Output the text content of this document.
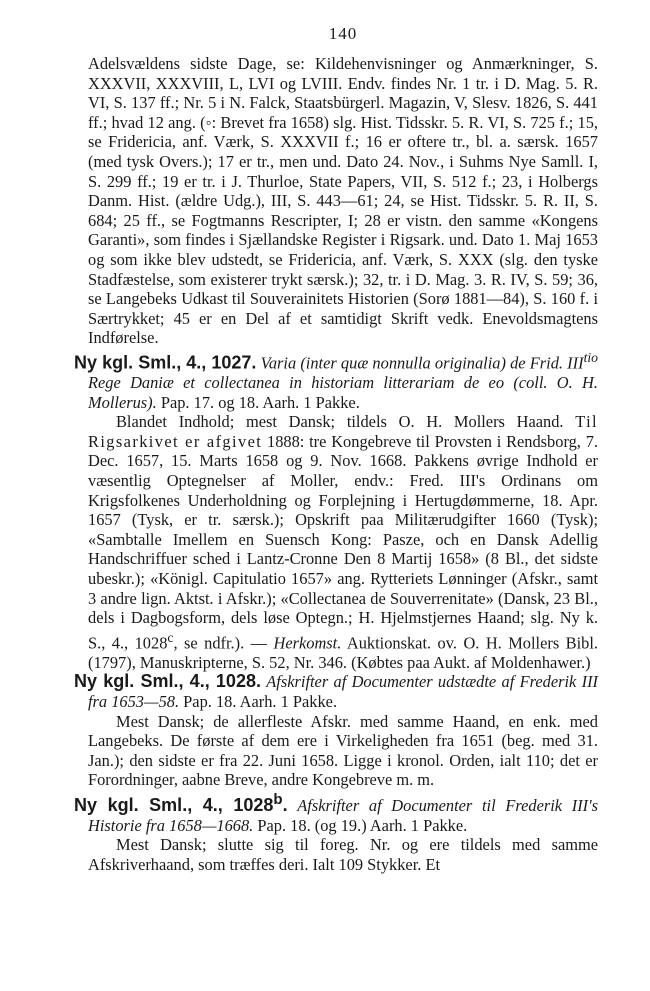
140

Adelsvældens sidste Dage, se: Kildehenvisninger og Anmærkninger, S. XXXVII, XXXVIII, L, LVI og LVIII. Endv. findes Nr. 1 tr. i D. Mag. 5. R. VI, S. 137 ff.; Nr. 5 i N. Falck, Staatsbürgerl. Magazin, V, Slesv. 1826, S. 441 ff.; hvad 12 ang. (◦: Brevet fra 1658) slg. Hist. Tidsskr. 5. R. VI, S. 725 f.; 15, se Fridericia, anf. Værk, S. XXXVII f.; 16 er oftere tr., bl. a. særsk. 1657 (med tysk Overs.); 17 er tr., men und. Dato 24. Nov., i Suhms Nye Samll. I, S. 299 ff.; 19 er tr. i J. Thurloe, State Papers, VII, S. 512 f.; 23, i Holbergs Danm. Hist. (ældre Udg.), III, S. 443—61; 24, se Hist. Tidsskr. 5. R. II, S. 684; 25 ff., se Fogtmanns Rescripter, I; 28 er vistn. den samme «Kongens Garanti», som findes i Sjællandske Register i Rigsark. und. Dato 1. Maj 1653 og som ikke blev udstedt, se Fridericia, anf. Værk, S. XXX (slg. den tyske Stadfæstelse, som existerer trykt særsk.); 32, tr. i D. Mag. 3. R. IV, S. 59; 36, se Langebeks Udkast til Souverainitets Historien (Sorø 1881—84), S. 160 f. i Særtrykket; 45 er en Del af et samtidigt Skrift vedk. Enevoldsmagtens Indførelse.

Ny kgl. Sml., 4., 1027. Varia (inter quæ nonnulla originalia) de Frid. $III^{tio}$ Rege Daniæ et collectanea in historiam litterariam de eo (coll. O. H. Mollerus). Pap. 17. og 18. Aarh. 1 Pakke.

Blandet Indhold; mest Dansk; tildels O. H. Mollers Haand. Til Rigsarkivet er afgivet 1888: tre Kongebreve til Provsten i Rendsborg, 7. Dec. 1657, 15. Marts 1658 og 9. Nov. 1668. Pakkens øvrige Indhold er væsentlig Optegnelser af Moller, endv.: Fred. III's Ordinans om Krigsfolkenes Underholdning og Forplejning i Hertugdømmerne, 18. Apr. 1657 (Tysk, er tr. særsk.); Opskrift paa Militærudgifter 1660 (Tysk); «Sambtalle Imellem en Suensch Kong: Pasze, och en Dansk Adellig Handschriffuer sched i Lantz-Cronne Den 8 Martij 1658» (8 Bl., det sidste ubeskr.); «Königl. Capitulatio 1657» ang. Rytteriets Lønninger (Afskr., samt 3 andre lign. Aktst. i Afskr.); «Collectanea de Souverrenitate» (Dansk, 23 Bl., dels i Dagbogsform, dels løse Optegn.; H. Hjelmstjernes Haand; slg. Ny k. S., 4., 1028$^c$, se ndfr.). — Herkomst. Auktionskat. ov. O. H. Mollers Bibl. (1797), Manuskripterne, S. 52, Nr. 346. (Købtes paa Aukt. af Moldenhawer.)

Ny kgl. Sml., 4., 1028. Afskrifter af Documenter udstædte af Frederik III fra 1653—58. Pap. 18. Aarh. 1 Pakke.

Mest Dansk; de allerfleste Afskr. med samme Haand, en enk. med Langebeks. De første af dem ere i Virkeligheden fra 1651 (beg. med 31. Jan.); den sidste er fra 22. Juni 1658. Ligge i kronol. Orden, ialt 110; det er Forordninger, aabne Breve, andre Kongebreve m. m.

Ny kgl. Sml., 4., 1028$^b$. Afskrifter af Documenter til Frederik III's Historie fra 1658—1668. Pap. 18. (og 19.) Aarh. 1 Pakke.

Mest Dansk; slutte sig til foreg. Nr. og ere tildels med samme Afskriverhaand, som træffes deri. Ialt 109 Stykker. Et
